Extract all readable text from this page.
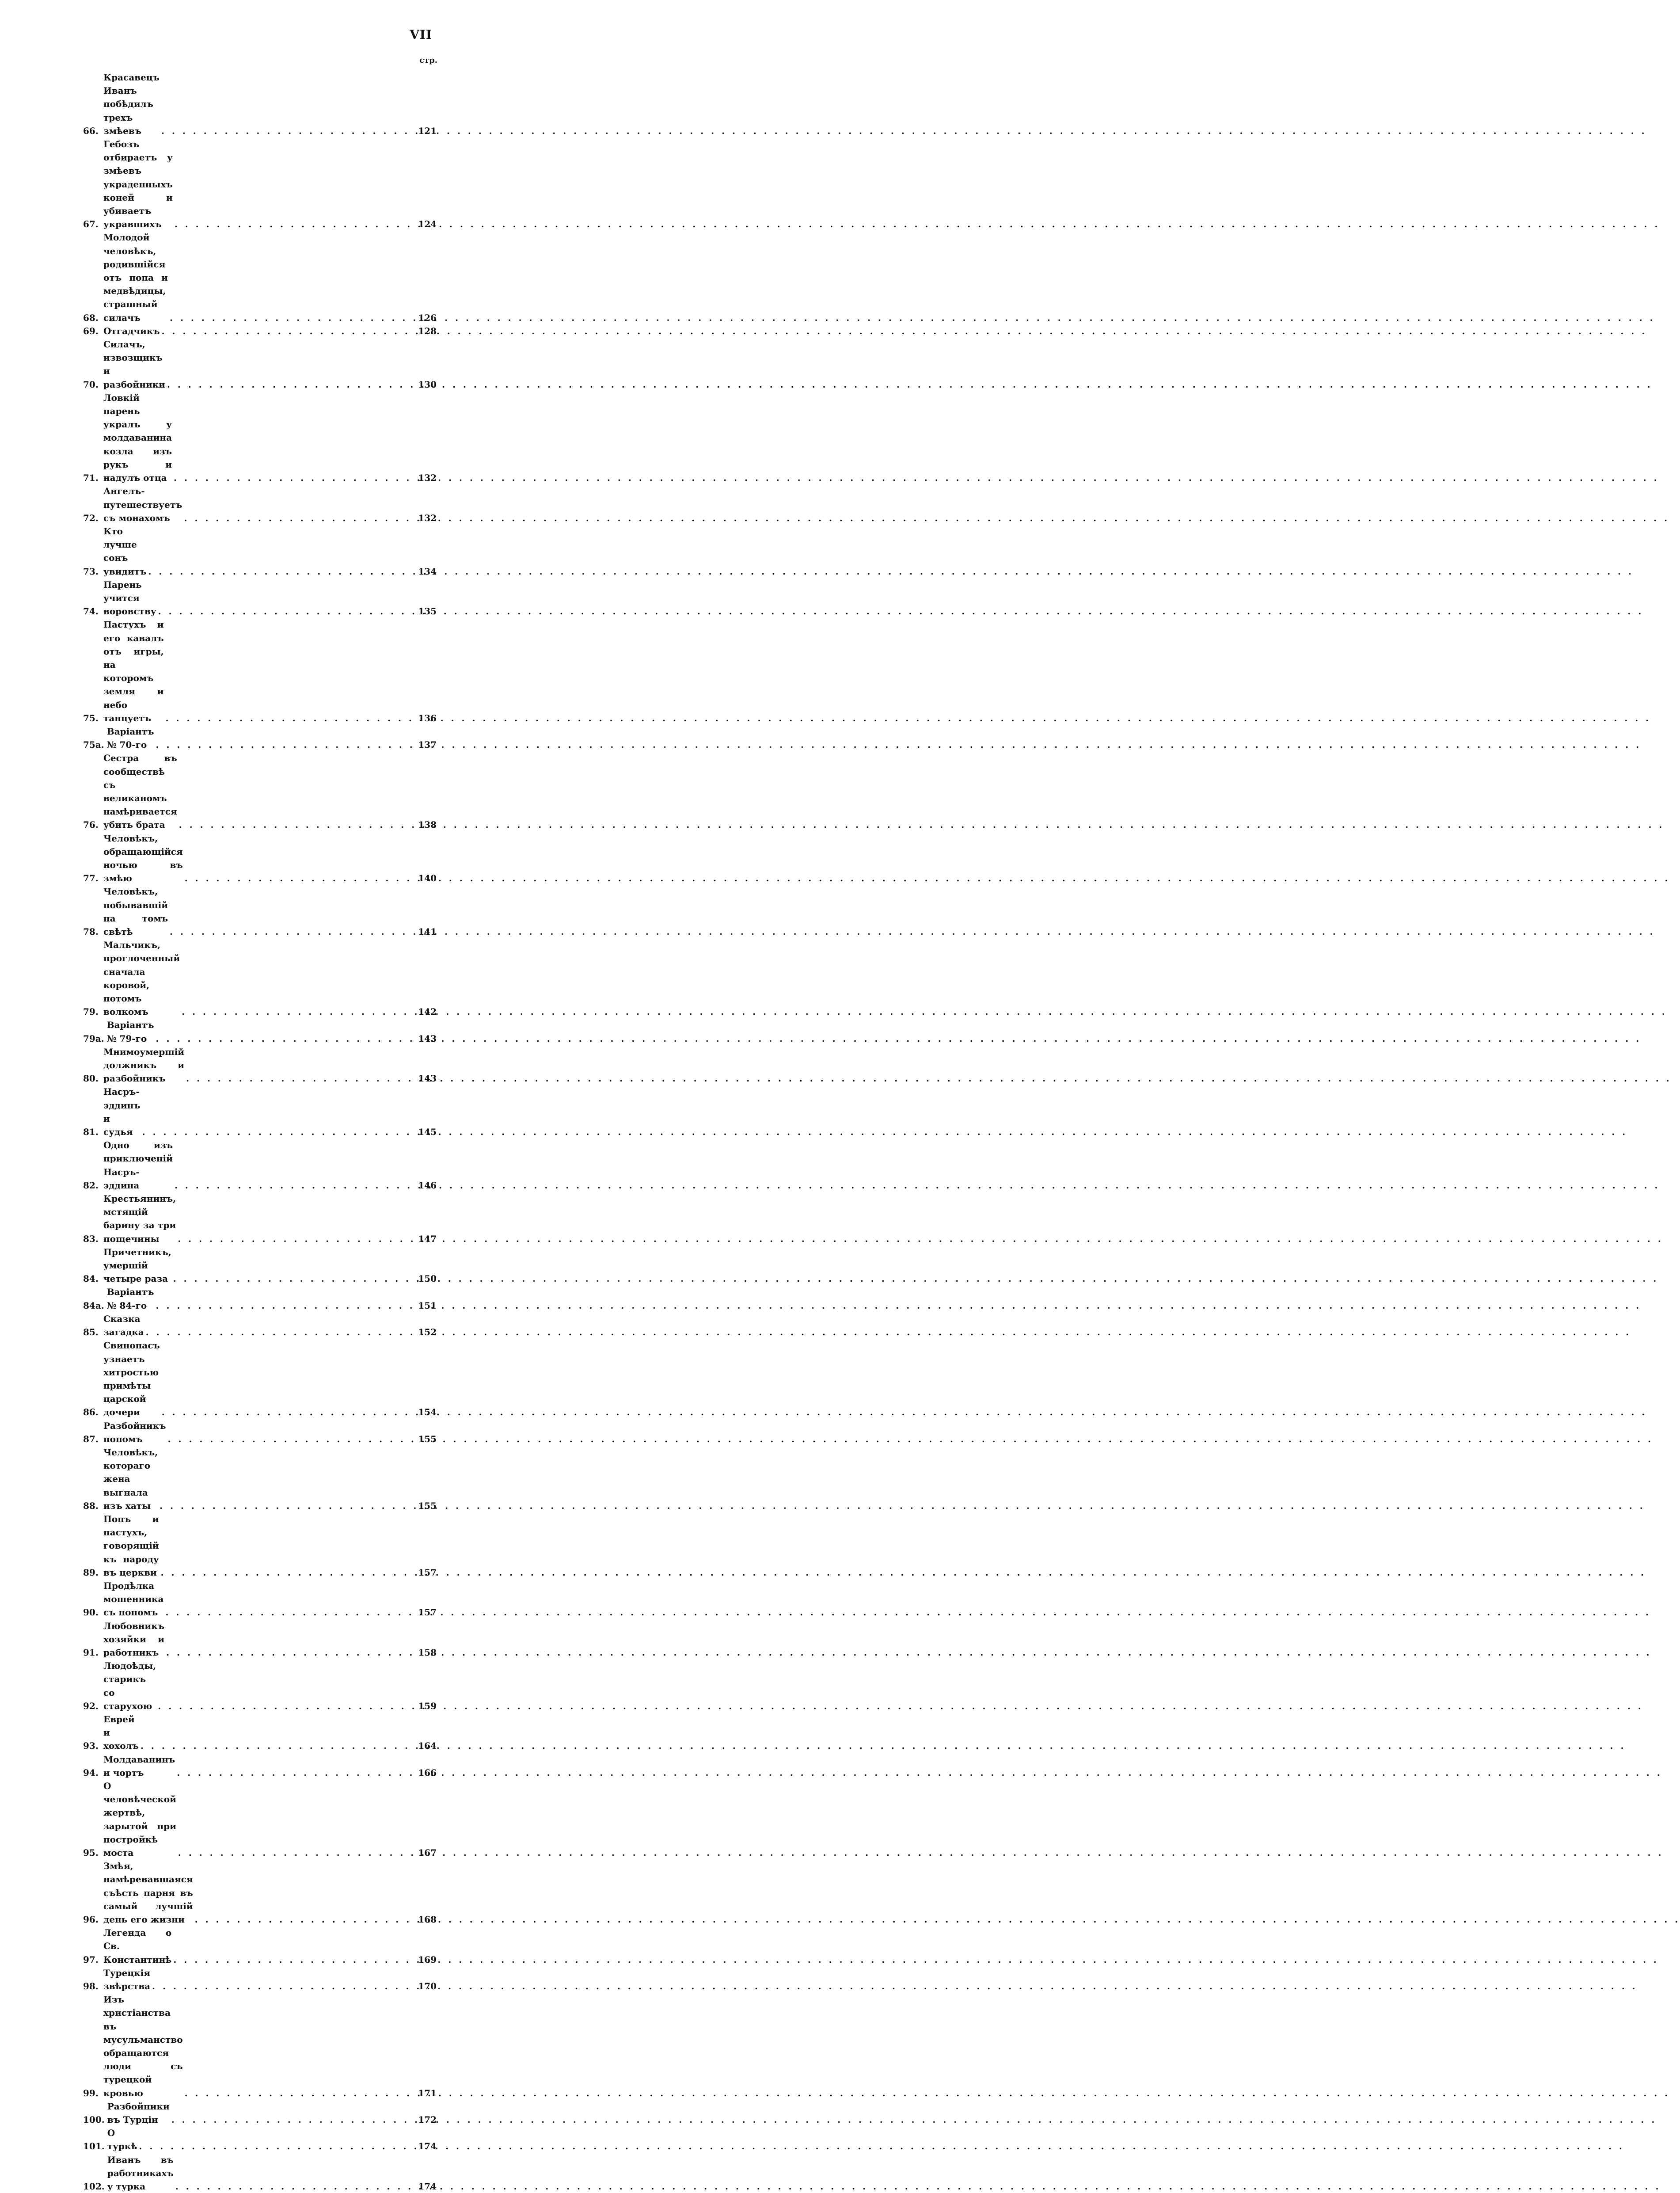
VII
стр.
66.
Красавецъ Иванъ побѣдилъ трехъ змѣевъ . . .	121
67.
Гебозъ отбираетъ у змѣевъ украденныхъ коней и убиваетъ укравшихъ . . .	124
68.
Молодой человѣкъ, родившійся отъ попа и медвѣдицы, страшный силачъ . . .	126
69. Отгадчикъ . . .	128
70.
Силачъ, извозщикъ и разбойники . . .	130
71.
Ловкій парень укралъ у молдаванина козла изъ рукъ и надулъ отца . . .	132
72.
Ангелъ-путешествуетъ съ монахомъ . . .	132
73.
Кто лучше сонъ увидитъ . . .	134
74.
Парень учится воровству . . .	135
75.
Пастухъ и его кавалъ отъ игры, на которомъ земля и небо танцуетъ . . .	136
75а.
Варіантъ № 70-го . . .	137
76.
Сестра въ сообществѣ съ великаномъ намѣривается убить брата . . .	138
77.
Человѣкъ, обращающійся ночью въ змѣю . . .	140
78.
Человѣкъ, побывавшій на томъ свѣтѣ . . .	141
79.
Мальчикъ, проглоченный сначала коровой, потомъ волкомъ . . .	142
79а.
Варіантъ № 79-го . . .	143
80.
Мнимоумершій должникъ и разбойникъ . . .	143
81.
Насръ-эддинъ и судья . . .	145
82.
Одно изъ приключеній Насръ-эддина . . .	146
83.
Крестьянинъ, мстящій барину за три пощечины . . .	147
84.
Причетникъ, умершій четыре раза . . .	150
84а.
Варіантъ № 84-го . . .	151
85.
Сказка загадка . . .	152
86.
Свинопасъ узнаетъ хитростью примѣты царской дочери . . .	154
87.
Разбойникъ попомъ . . .	155
88.
Человѣкъ, котораго жена выгнала изъ хаты . . .	155
89.
Попъ и пастухъ, говорящій къ народу въ церкви . . .	157
90.
Продѣлка мошенника съ попомъ . . .	157
91.
Любовникъ хозяйки и работникъ . . .	158
92.
Людоѣды, старикъ со старухою . . .	159
93.
Еврей и хохолъ . . .	164
94.
Молдаванинъ и чортъ . . .	166
95.
О человѣческой жертвѣ, зарытой при постройкѣ моста . . .	167
96.
Змѣя, намѣревавшаяся съѣсть парня въ самый лучшій день его жизни . . .	168
97.
Легенда о Св. Константинѣ . . .	169
98.
Турецкія звѣрства . . .	170
99.
Изъ христіанства въ мусульманство обращаются люди съ турецкой кровью . . .	171
100.
Разбойники въ Турціи . . .	172
101.
О туркѣ . . .	174
102.
Иванъ въ работникахъ у турка . . .	174
